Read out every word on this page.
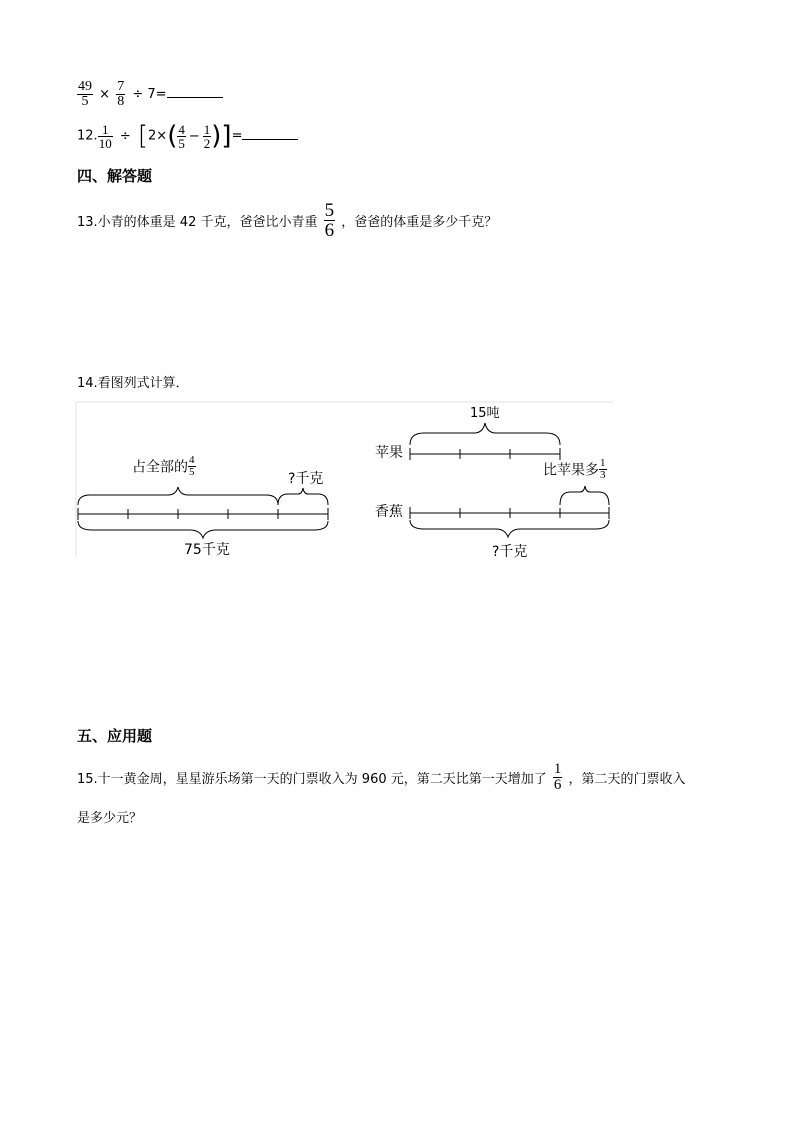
$\frac{49}{5} \times \frac{7}{8} \div 7=$
12. $\frac{1}{10} \div [2\times( \frac{4}{5} - \frac{1}{2}$ )]=
四、解答题
13.小青的体重是 42 千克，爸爸比小青重 $\frac{5}{6}$ ，爸爸的体重是多少千克？
14.看图列式计算．
占全部的 $\frac{4}{5}$
?千克
75千克
15吨
苹果
香蕉
比苹果多 $\frac{1}{3}$
?千克
五、应用题
15.十一黄金周，星星游乐场第一天的门票收入为 960 元，第二天比第一天增加了 $\frac{1}{6}$ ，第二天的门票收入
是多少元？
